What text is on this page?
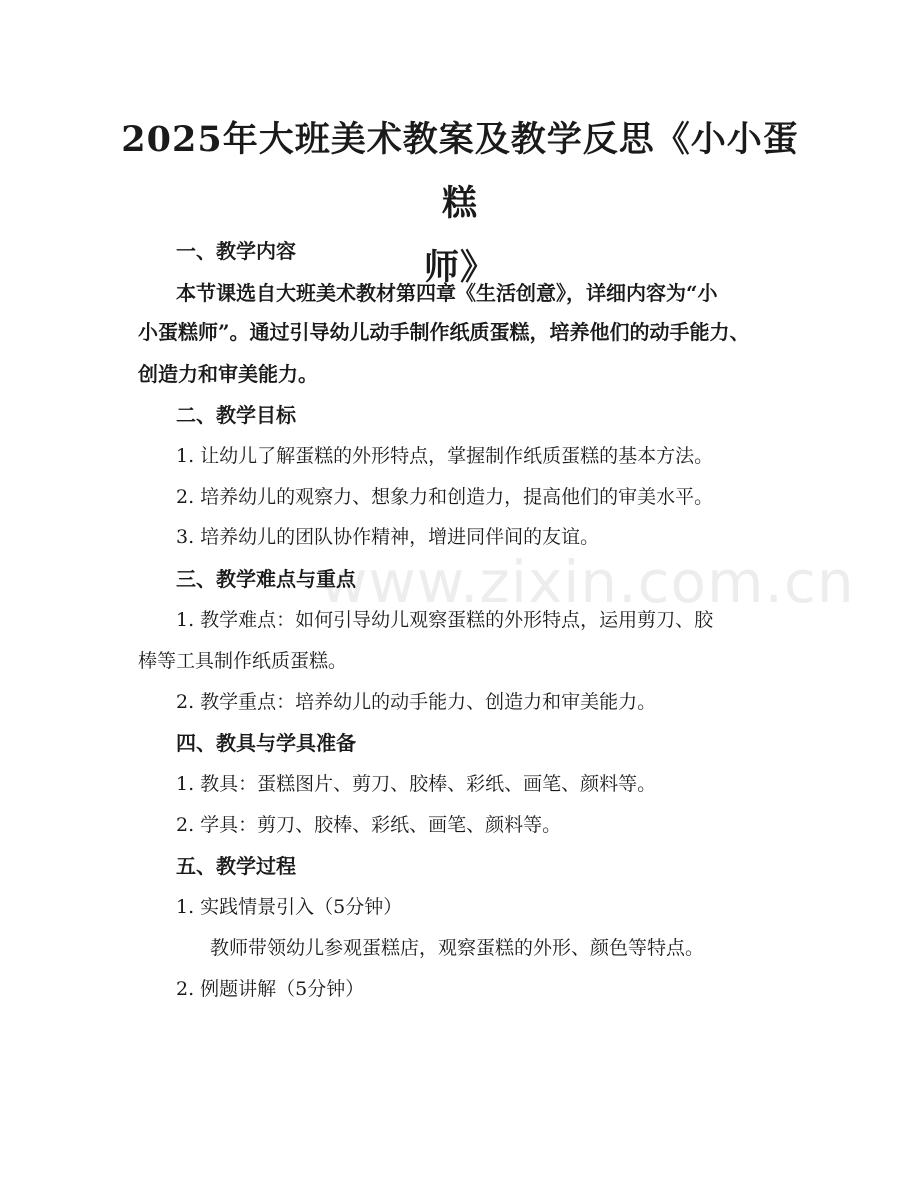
www.zixin.com.cn
2025年大班美术教案及教学反思《小小蛋糕
师》
一、教学内容
本节课选自大班美术教材第四章《生活创意》，详细内容为“小
小蛋糕师”。通过引导幼儿动手制作纸质蛋糕，培养他们的动手能力、
创造力和审美能力。
二、教学目标
1. 让幼儿了解蛋糕的外形特点，掌握制作纸质蛋糕的基本方法。
2. 培养幼儿的观察力、想象力和创造力，提高他们的审美水平。
3. 培养幼儿的团队协作精神，增进同伴间的友谊。
三、教学难点与重点
1. 教学难点：如何引导幼儿观察蛋糕的外形特点，运用剪刀、胶
棒等工具制作纸质蛋糕。
2. 教学重点：培养幼儿的动手能力、创造力和审美能力。
四、教具与学具准备
1. 教具：蛋糕图片、剪刀、胶棒、彩纸、画笔、颜料等。
2. 学具：剪刀、胶棒、彩纸、画笔、颜料等。
五、教学过程
1. 实践情景引入（5分钟）
教师带领幼儿参观蛋糕店，观察蛋糕的外形、颜色等特点。
2. 例题讲解（5分钟）
